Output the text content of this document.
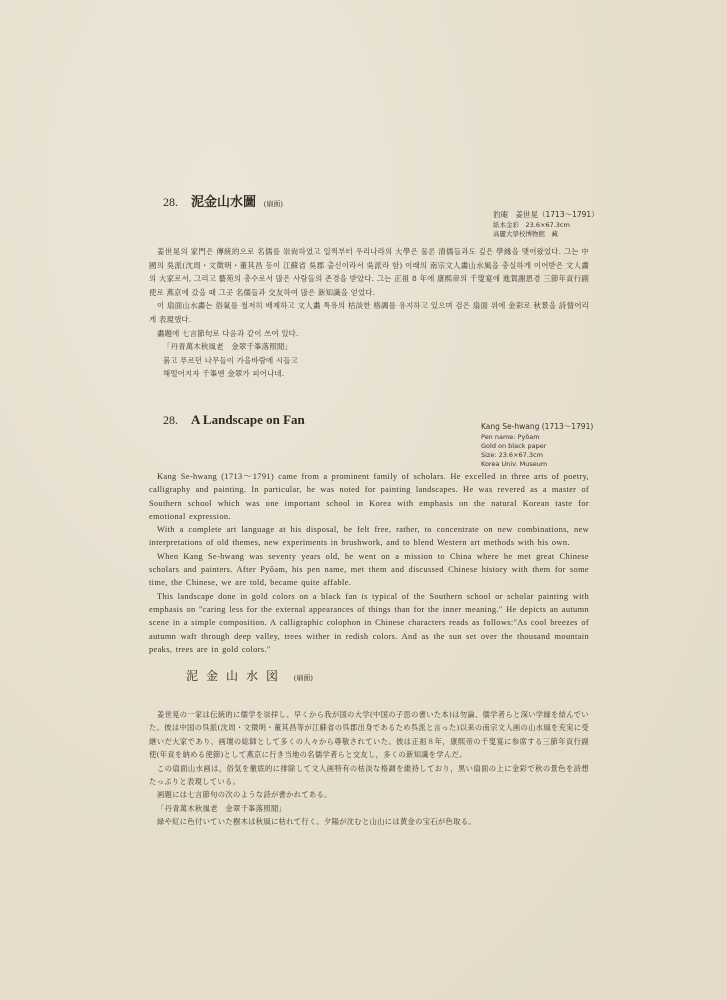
28. 泥金山水圖 (扇面)
豹庵　姜世晃（1713～1791）
紙本金彩　23.6×67.3cm
高麗大學校博物館　藏

姜世晃의 家門은 傳統的으로 名儒를 崇尙하였고 일찍부터 우리나라의 大學은 물론 清儒들과도 깊은 學緣을 맺어왔었다. 그는 中國의 吳派(沈周・文徵明・董其昌 등이 江蘇省 吳郡 출신이라서 吳派라 함) 이래의 南宗文人畵山水風을 충실하게 이어받은 文人畵의 大家로서, 그리고 藝苑의 총수로서 많은 사람들의 존경을 받았다. 그는 正祖 8 年에 康熙帝의 千叟宴에 進賀謝恩겸 三節年貢行副使로 燕京에 갔을 때 그곳 名儒들과 交友하여 많은 新知識을 얻었다.

이 扇面山水畵는 俗氣를 철저히 배제하고 文人畵 특유의 枯淡한 格調를 유지하고 있으며 검은 扇面 위에 金彩로 秋景을 詩情어리게 表現했다.

畵題에 七言節句로 다음과 같이 쓰여 있다.

「丹青萬木秋風老　金翠千峯落照閒」

붉고 푸르던 나무들이 가을바람에 시들고

해떨어지자 千峯엔 金翠가 피어나네.

28. A Landscape on Fan	Kang Se-hwang (1713～1791)
Pen name: Pyŏam
Gold on black paper
Size: 23.6×67.3cm
Korea Univ. Museum

Kang Se-hwang (1713～1791) came from a prominent family of scholars. He excelled in three arts of poetry, calligraphy and painting. In particular, he was noted for painting landscapes. He was revered as a master of Southern school which was one important school in Korea with emphasis on the natural Korean taste for emotional expression.

With a complete art language at his disposal, he felt free, rather, to concentrate on new combinations, new interpretations of old themes, new experiments in brushwork, and to blend Western art methods with his own.

When Kang Se-hwang was seventy years old, he went on a mission to China where he met great Chinese scholars and painters. After Pyŏam, his pen name, met them and discussed Chinese history with them for some time, the Chinese, we are told, became quite affable.

This landscape done in gold colors on a black fan is typical of the Southern school or scholar painting with emphasis on "caring less for the external appearances of things than for the inner meaning." He depicts an autumn scene in a simple composition. A calligraphic colophon in Chinese characters reads as follows:"As cool breezes of autumn waft through deep valley, trees wither in redish colors. And as the sun set over the thousand mountain peaks, trees are in gold colors."

泥金山水図 (扇面)

姜世晃の一家は伝統的に儒学を崇拝し、早くから我が国の大学(中国の子思の書いた本)は勿論、儒学者らと深い学縁を結んでいた。彼は中国の呉派(沈周・文徴明・董其昌等が江蘇省の呉郡出身であるため呉派と言った)以来の南宗文人画の山水風を充実に受継いだ大家であり、画壇の総師として多くの人々から尊敬されていた。彼は正祖８年，康熙帝の千叟宴に参席する三節年貢行副使(年貢を納める使節)として燕京に行き当地の名儒学者らと交友し，多くの新知識を学んだ。

この扇面山水画は，俗気を徹底的に排除して文人画特有の枯淡な格調を維持しており，黒い扇面の上に金彩で秋の景色を詩想たっぷりと表現している。

画題には七言節句の次のような詩が書かれてある。

「丹青萬木秋風老　金翠千峯落照閒」

緑や紅に色付いていた樹木は秋風に枯れて行く。夕陽が沈むと山山には黄金の宝石が色取る。
